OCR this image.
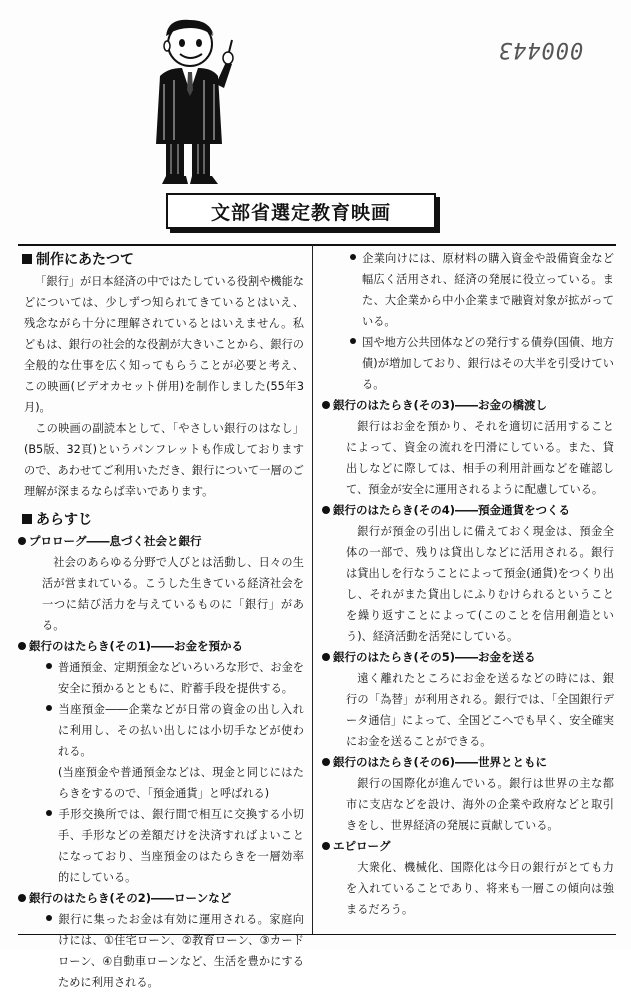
000443
文部省選定教育映画
制作にあたつて

「銀行」が日本経済の中ではたしている役割や機能などについては、少しずつ知られてきているとはいえ、残念ながら十分に理解されているとはいえません。私どもは、銀行の社会的な役割が大きいことから、銀行の全般的な仕事を広く知ってもらうことが必要と考え、この映画(ビデオカセット併用)を制作しました(55年3月)。

この映画の副読本として、「やさしい銀行のはなし」(B5版、32頁)というパンフレットも作成しておりますので、あわせてご利用いただき、銀行について一層のご理解が深まるならば幸いであります。

あらすじ
プロローグ――息づく社会と銀行
社会のあらゆる分野で人びとは活動し、日々の生活が営まれている。こうした生きている経済社会を一つに結び活力を与えているものに「銀行」がある。
銀行のはたらき(その1)――お金を預かる
普通預金、定期預金などいろいろな形で、お金を安全に預かるとともに、貯蓄手段を提供する。
当座預金――企業などが日常の資金の出し入れに利用し、その払い出しには小切手などが使われる。
(当座預金や普通預金などは、現金と同じにはたらきをするので、「預金通貨」と呼ばれる)
手形交換所では、銀行間で相互に交換する小切手、手形などの差額だけを決済すればよいことになっており、当座預金のはたらきを一層効率的にしている。
銀行のはたらき(その2)――ローンなど
銀行に集ったお金は有効に運用される。家庭向けには、①住宅ローン、②教育ローン、③カードローン、④自動車ローンなど、生活を豊かにするために利用される。
企業向けには、原材料の購入資金や設備資金など幅広く活用され、経済の発展に役立っている。また、大企業から中小企業まで融資対象が拡がっている。
国や地方公共団体などの発行する債券(国債、地方債)が増加しており、銀行はその大半を引受けている。
銀行のはたらき(その3)――お金の橋渡し
銀行はお金を預かり、それを適切に活用することによって、資金の流れを円滑にしている。また、貸出しなどに際しては、相手の利用計画などを確認して、預金が安全に運用されるように配慮している。
銀行のはたらき(その4)――預金通貨をつくる
銀行が預金の引出しに備えておく現金は、預金全体の一部で、残りは貸出しなどに活用される。銀行は貸出しを行なうことによって預金(通貨)をつくり出し、それがまた貸出しにふりむけられるということを繰り返すことによって(このことを信用創造という)、経済活動を活発にしている。
銀行のはたらき(その5)――お金を送る
遠く離れたところにお金を送るなどの時には、銀行の「為替」が利用される。銀行では、「全国銀行データ通信」によって、全国どこへでも早く、安全確実にお金を送ることができる。
銀行のはたらき(その6)――世界とともに
銀行の国際化が進んでいる。銀行は世界の主な都市に支店などを設け、海外の企業や政府などと取引きをし、世界経済の発展に貢献している。
エピローグ
大衆化、機械化、国際化は今日の銀行がとても力を入れていることであり、将来も一層この傾向は強まるだろう。
